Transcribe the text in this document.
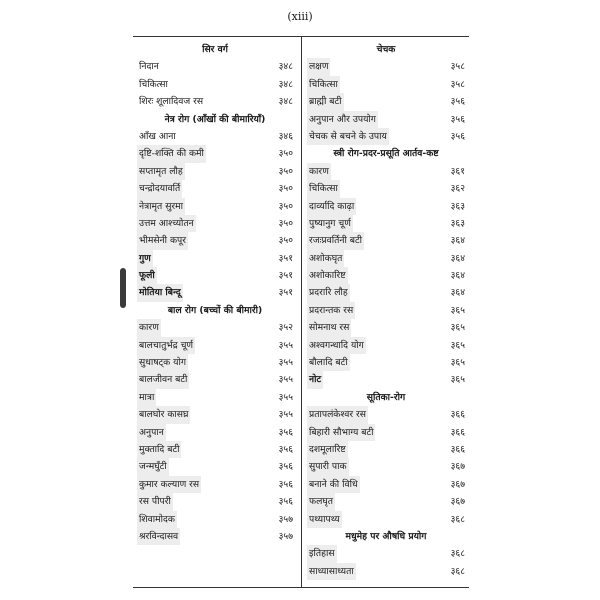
(xiii)
सिर वर्ग
निदान	३४८
चिकित्सा	३४८
शिरः शूलादिवज रस	३४८
नेत्र रोग (आँखों की बीमारियाँ)
आँख आना	३४६
दृष्टि-शक्ति की कमी	३५०
सप्तामृत लौह	३५०
चन्द्रोदयावर्ति	३५०
नेत्रामृत सुरमा	३५०
उत्तम आश्च्योतन	३५०
भीमसेनी कपूर	३५०
गुण	३५१
फूली	३५१
मोतिया बिन्दू	३५१
बाल रोग (बच्चों की बीमारी)
कारण	३५२
बालचातुर्भद्र चूर्ण	३५५
सुधाषट्क योग	३५५
बालजीवन बटी	३५५
मात्रा	३५५
बालघोर कासघ्र	३५५
अनुपान	३५६
मुक्तादि बटी	३५६
जन्मघुँटी	३५६
कुमार कल्याण रस	३५६
रस पीपरी	३५६
शिवामोदक	३५७
श्ररविन्दासव	३५७
चेचक
लक्षण	३५८
चिकित्सा	३५८
ब्राह्मी बटी	३५६
अनुपान और उपयोग	३५६
चेचक से बचने के उपाय	३५६
स्त्री रोग-प्रदर-प्रसूति आर्तव-कष्ट
कारण	३६१
चिकित्सा	३६२
दार्व्यादि काढ़ा	३६३
पुष्यानुग चूर्ण	३६३
रजःप्रवर्तिनी बटी	३६४
अशोकघृत	३६४
अशोकारिष्ट	३६४
प्रदरारि लौह	३६४
प्रदरान्तक रस	३६५
सोमनाथ रस	३६५
अश्वगन्धादि योग	३६५
बौलादि बटी	३६५
नोट	३६५
सूतिका-रोग
प्रतापलंकेश्वर रस	३६६
बिहारी सौभाग्य बटी	३६६
दशमूलारिष्ट	३६६
सुपारी पाक	३६७
बनाने की विधि	३६७
फलघृत	३६७
पथ्यापथ्य	३६८
मधुमेह पर औषधि प्रयोग
इतिहास	३६८
साध्यासाध्यता	३६८
